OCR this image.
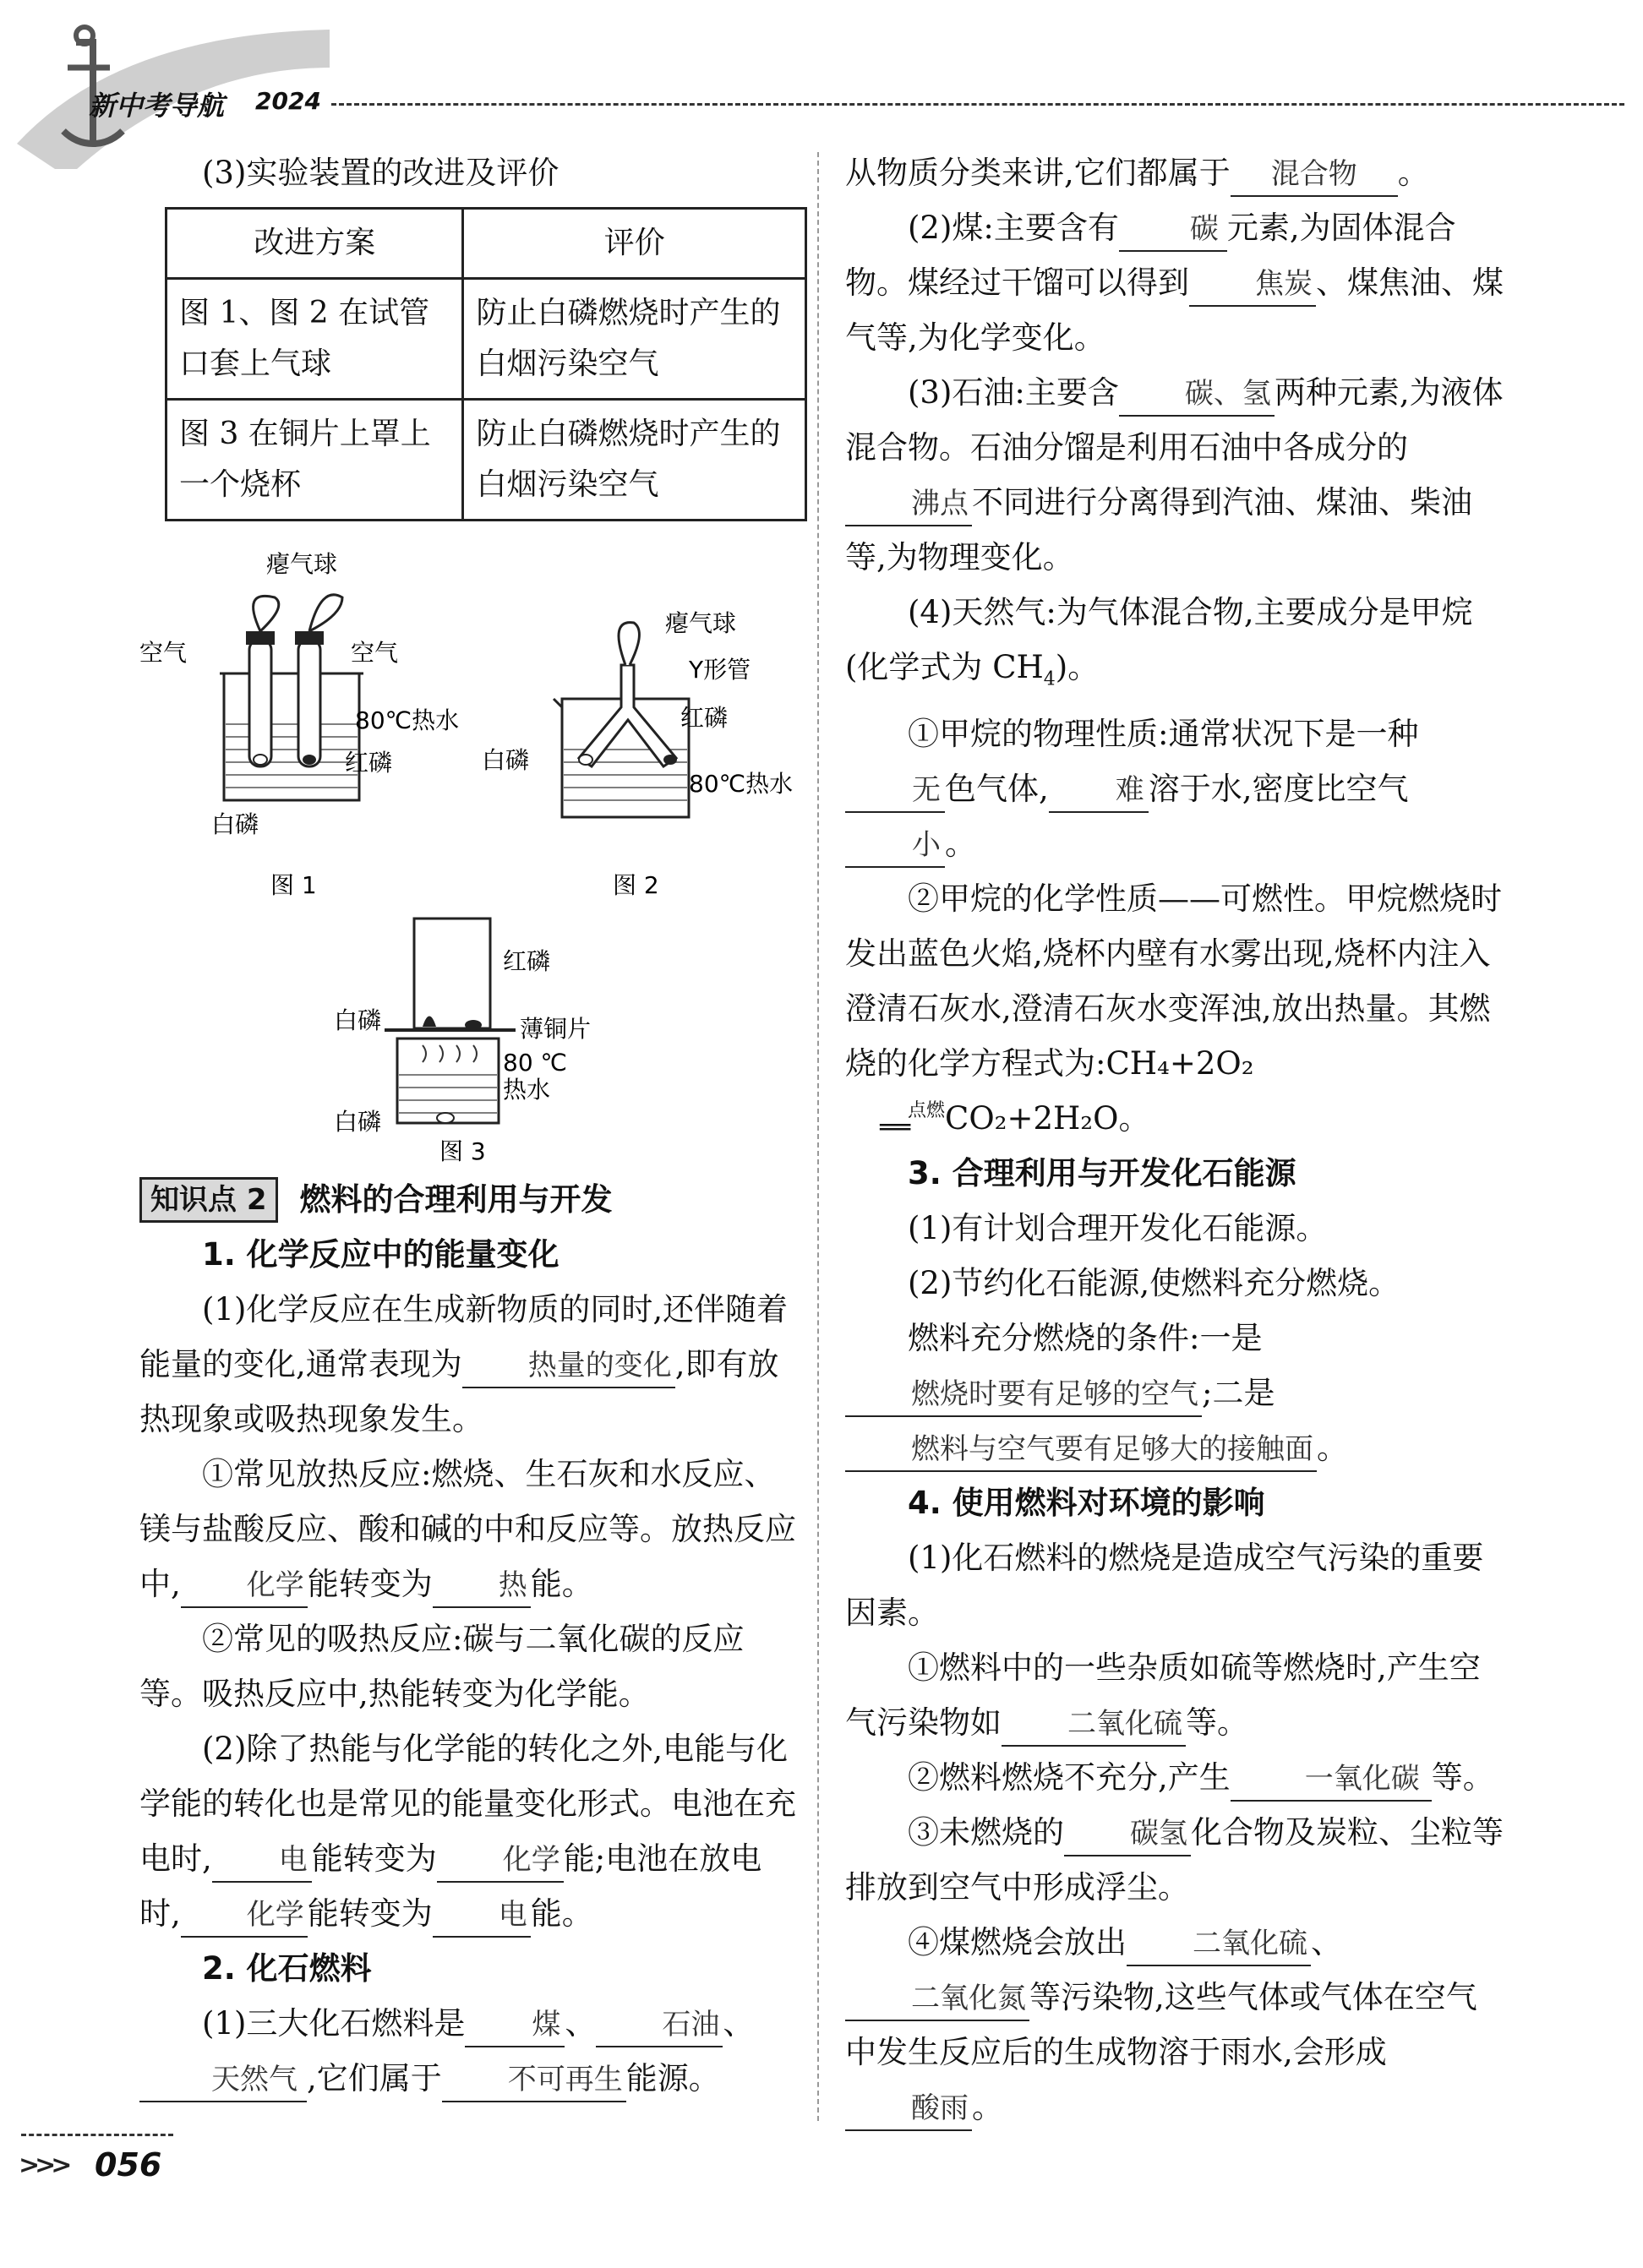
新中考导航 2024

(3)实验装置的改进及评价

改进方案	评价
图 1、图 2 在试管口套上气球	防止白磷燃烧时产生的白烟污染空气
图 3 在铜片上罩上一个烧杯	防止白磷燃烧时产生的白烟污染空气
瘪气球
空气	空气
80℃热水
红磷
白磷
图 1
瘪气球
Y形管
红磷
白磷
80℃热水
图 2
红磷
白磷	薄铜片
80 ℃
热水
白磷
图 3
知识点 2	燃料的合理利用与开发

1. 化学反应中的能量变化

(1)化学反应在生成新物质的同时,还伴随着能量的变化,通常表现为 热量的变化 ,即有放热现象或吸热现象发生。

①常见放热反应:燃烧、生石灰和水反应、镁与盐酸反应、酸和碱的中和反应等。放热反应中, 化学 能转变为 热 能。

②常见的吸热反应:碳与二氧化碳的反应等。吸热反应中,热能转变为化学能。

(2)除了热能与化学能的转化之外,电能与化学能的转化也是常见的能量变化形式。电池在充电时, 电 能转变为 化学 能;电池在放电时, 化学 能转变为 电 能。

2. 化石燃料

(1)三大化石燃料是 煤 、 石油 、天然气 ,它们属于 不可再生 能源。

从物质分类来讲,它们都属于 混合物 。

(2)煤:主要含有 碳 元素,为固体混合物。煤经过干馏可以得到 焦炭 、煤焦油、煤气等,为化学变化。

(3)石油:主要含 碳、氢 两种元素,为液体混合物。石油分馏是利用石油中各成分的沸点 不同进行分离得到汽油、煤油、柴油等,为物理变化。

(4)天然气:为气体混合物,主要成分是甲烷(化学式为 $CH_4$)。

①甲烷的物理性质:通常状况下是一种无 色气体, 难 溶于水,密度比空气小 。

②甲烷的化学性质——可燃性。甲烷燃烧时发出蓝色火焰,烧杯内壁有水雾出现,烧杯内注入澄清石灰水,澄清石灰水变浑浊,放出热量。其燃烧的化学方程式为:CH₄+2O₂
点燃
══ CO₂+2H₂O。

3. 合理利用与开发化石能源

(1)有计划合理开发化石能源。

(2)节约化石能源,使燃料充分燃烧。

燃料充分燃烧的条件:一是燃烧时要有足够的空气 ;二是燃料与空气要有足够大的接触面 。

4. 使用燃料对环境的影响

(1)化石燃料的燃烧是造成空气污染的重要因素。

①燃料中的一些杂质如硫等燃烧时,产生空气污染物如 二氧化硫 等。

②燃料燃烧不充分,产生	一氧化碳 等。

③未燃烧的 碳氢 化合物及炭粒、尘粒等排放到空气中形成浮尘。

④煤燃烧会放出 二氧化硫 、二氧化氮 等污染物,这些气体或气体在空气中发生反应后的生成物溶于雨水,会形成酸雨 。

>>> 056
